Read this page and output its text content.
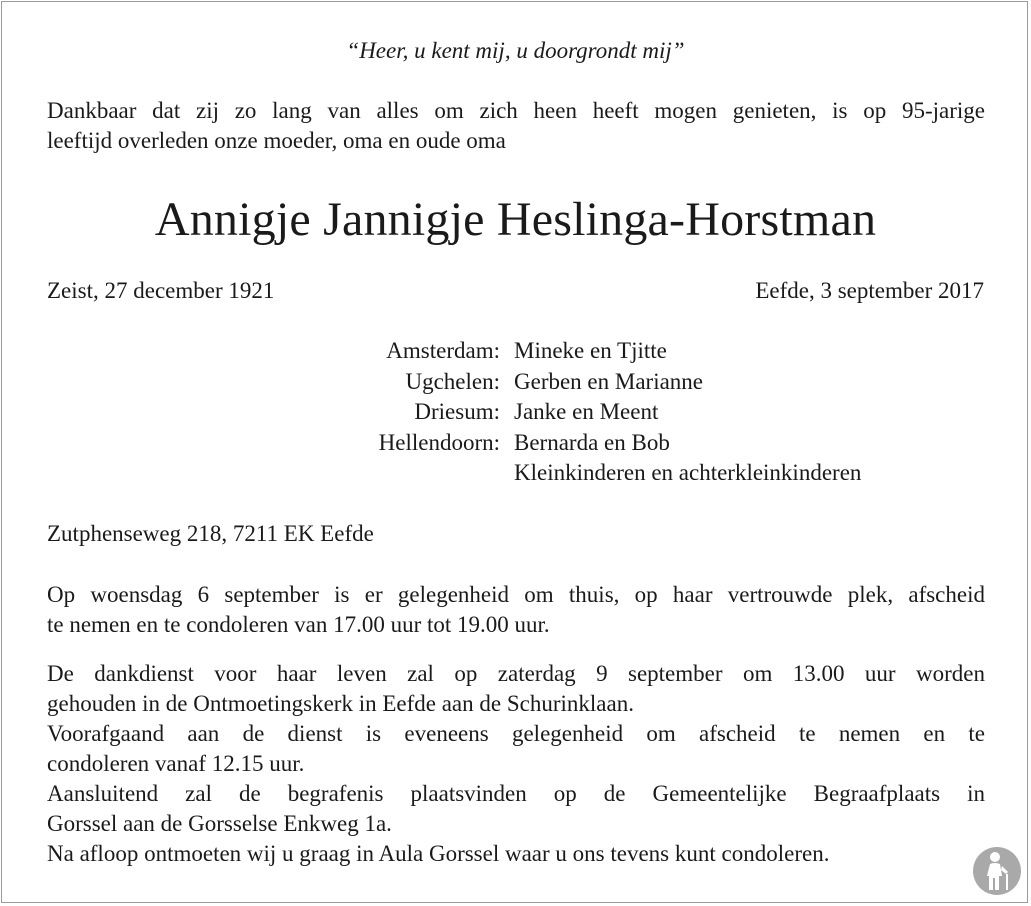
“Heer, u kent mij, u doorgrondt mij”

Dankbaar dat zij zo lang van alles om zich heen heeft mogen genieten, is op 95-jarige
leeftijd overleden onze moeder, oma en oude oma

Annigje Jannigje Heslinga-Horstman
Zeist, 27 december 1921	Eefde, 3 september 2017
Amsterdam: Mineke en Tjitte
Ugchelen: Gerben en Marianne
Driesum: Janke en Meent
Hellendoorn: Bernarda en Bob
Kleinkinderen en achterkleinkinderen
Zutphenseweg 218, 7211 EK Eefde

Op woensdag 6 september is er gelegenheid om thuis, op haar vertrouwde plek, afscheid
te nemen en te condoleren van 17.00 uur tot 19.00 uur.

De dankdienst voor haar leven zal op zaterdag 9 september om 13.00 uur worden
gehouden in de Ontmoetingskerk in Eefde aan de Schurinklaan.
Voorafgaand aan de dienst is eveneens gelegenheid om afscheid te nemen en te
condoleren vanaf 12.15 uur.
Aansluitend zal de begrafenis plaatsvinden op de Gemeentelijke Begraafplaats in
Gorssel aan de Gorsselse Enkweg 1a.
Na afloop ontmoeten wij u graag in Aula Gorssel waar u ons tevens kunt condoleren.
